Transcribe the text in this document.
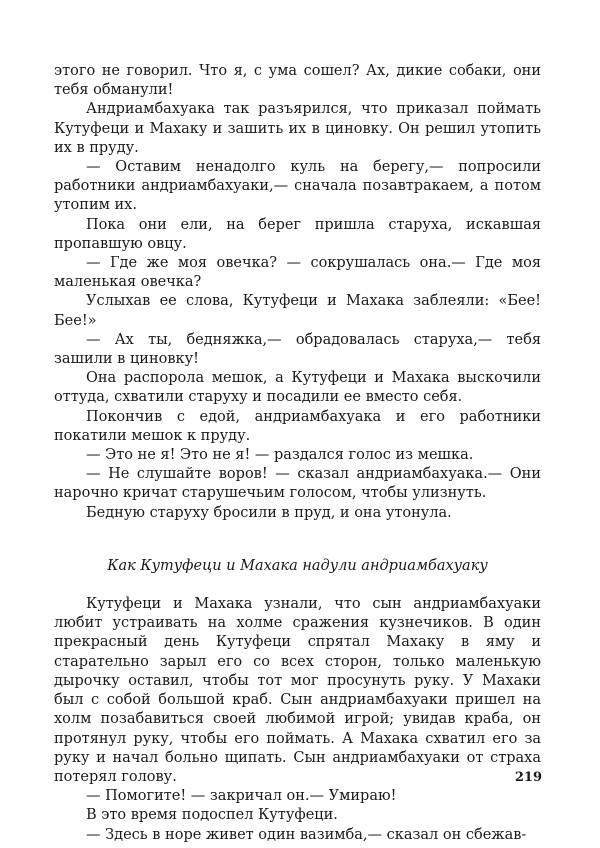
этого не говорил. Что я, с ума сошел? Ах, дикие собаки, они тебя обманули!

Андриамбахуака так разъярился, что приказал поймать Кутуфеци и Махаку и зашить их в циновку. Он решил утопить их в пруду.

— Оставим ненадолго куль на берегу,— попросили работники андриамбахуаки,— сначала позавтракаем, а потом утопим их.

Пока они ели, на берег пришла старуха, искавшая пропавшую овцу.

— Где же моя овечка? — сокрушалась она.— Где моя маленькая овечка?

Услыхав ее слова, Кутуфеци и Махака заблеяли: «Бее! Бее!»

— Ах ты, бедняжка,— обрадовалась старуха,— тебя зашили в циновку!

Она распорола мешок, а Кутуфеци и Махака выскочили оттуда, схватили старуху и посадили ее вместо себя.

Покончив с едой, андриамбахуака и его работники покатили мешок к пруду.

— Это не я! Это не я! — раздался голос из мешка.

— Не слушайте воров! — сказал андриамбахуака.— Они нарочно кричат старушечьим голосом, чтобы улизнуть.

Бедную старуху бросили в пруд, и она утонула.

Как Кутуфеци и Махака надули андриамбахуаку

Кутуфеци и Махака узнали, что сын андриамбахуаки любит устраивать на холме сражения кузнечиков. В один прекрасный день Кутуфеци спрятал Махаку в яму и старательно зарыл его со всех сторон, только маленькую дырочку оставил, чтобы тот мог просунуть руку. У Махаки был с собой большой краб. Сын андриамбахуаки пришел на холм позабавиться своей любимой игрой; увидав краба, он протянул руку, чтобы его поймать. А Махака схватил его за руку и начал больно щипать. Сын андриамбахуаки от страха потерял голову.

— Помогите! — закричал он.— Умираю!

В это время подоспел Кутуфеци.

— Здесь в норе живет один вазимба,— сказал он сбежав-

219
